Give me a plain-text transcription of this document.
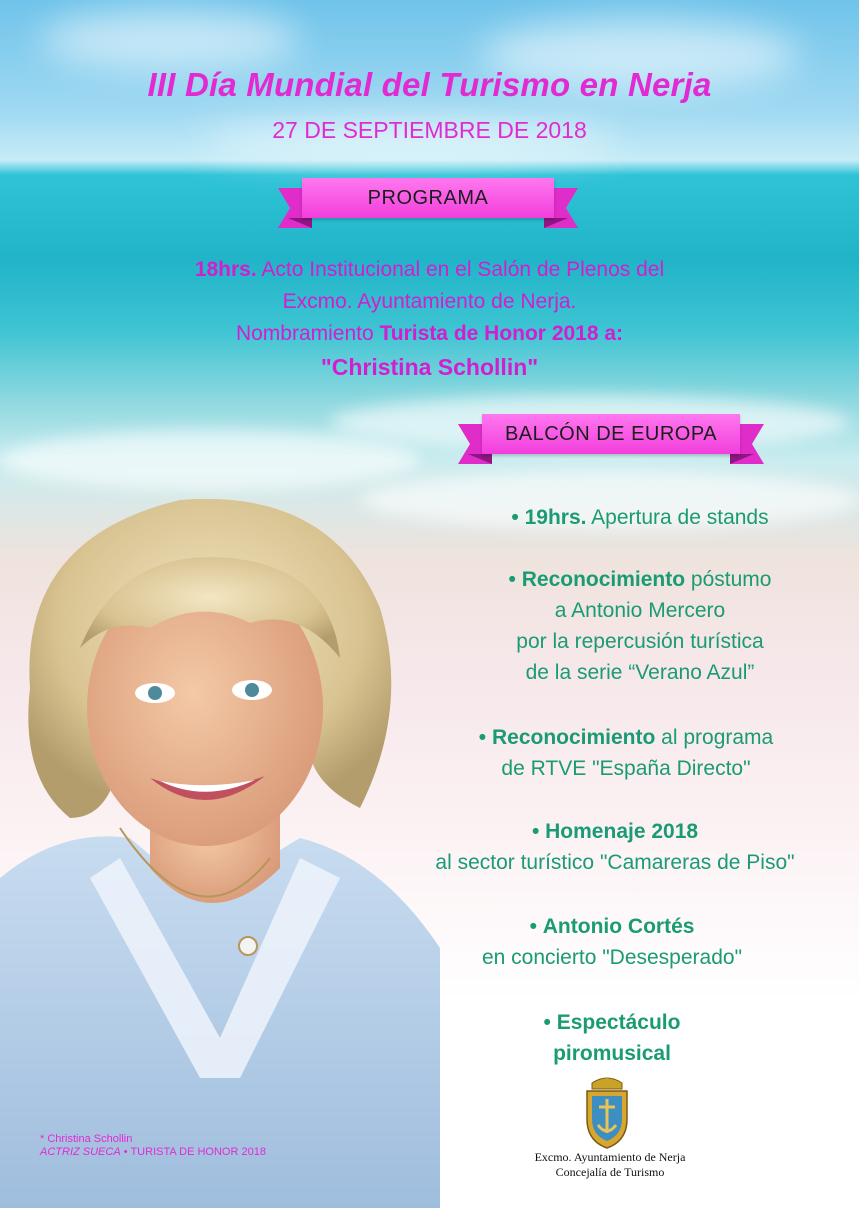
III Día Mundial del Turismo en Nerja
27 DE SEPTIEMBRE DE 2018
PROGRAMA
18hrs. Acto Institucional en el Salón de Plenos del
Excmo. Ayuntamiento de Nerja.
Nombramiento Turista de Honor 2018 a:
"Christina Schollin"
BALCÓN DE EUROPA
• 19hrs. Apertura de stands
• Reconocimiento póstumo
a Antonio Mercero
por la repercusión turística
de la serie “Verano Azul”
• Reconocimiento al programa
de RTVE "España Directo"
• Homenaje 2018
al sector turístico "Camareras de Piso"
• Antonio Cortés
en concierto "Desesperado"
• Espectáculo
piromusical
* Christina Schollin
ACTRIZ SUECA • TURISTA DE HONOR 2018	Excmo. Ayuntamiento de Nerja
Concejalía de Turismo
